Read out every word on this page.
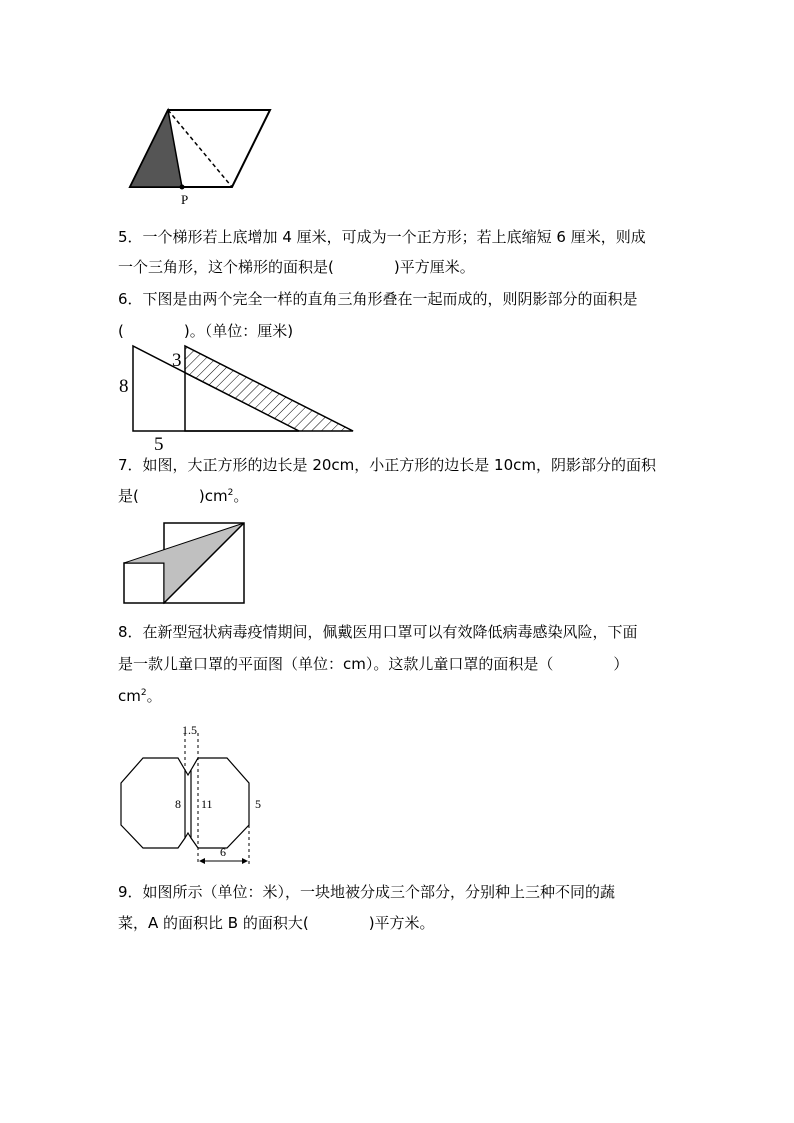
P
5．一个梯形若上底增加 4 厘米，可成为一个正方形；若上底缩短 6 厘米，则成
一个三角形，这个梯形的面积是(　　　　)平方厘米。
6．下图是由两个完全一样的直角三角形叠在一起而成的，则阴影部分的面积是
(　　　　)。（单位：厘米)
3
8
5
7．如图，大正方形的边长是 20cm，小正方形的边长是 10cm，阴影部分的面积
是(　　　　)$cm^2$。
8．在新型冠状病毒疫情期间，佩戴医用口罩可以有效降低病毒感染风险，下面
是一款儿童口罩的平面图（单位：cm）。这款儿童口罩的面积是（　　　　）
$cm^2$。
1.5
8 11	5
6
9．如图所示（单位：米），一块地被分成三个部分，分别种上三种不同的蔬
菜，A 的面积比 B 的面积大(　　　　)平方米。
